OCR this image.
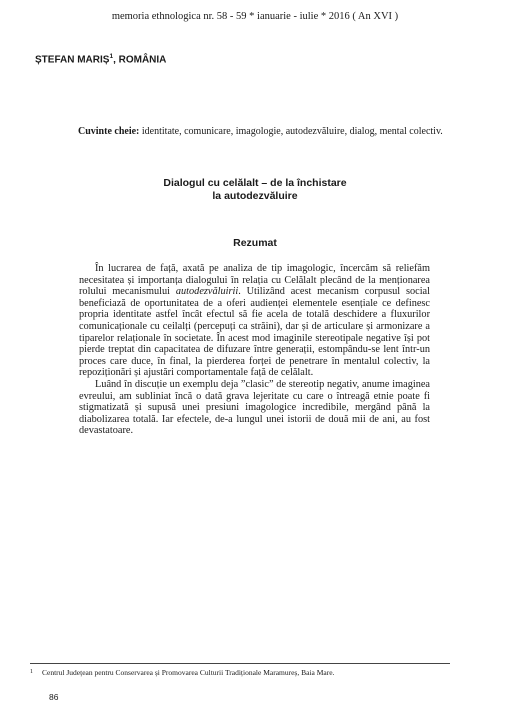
memoria ethnologica nr. 58 - 59 * ianuarie - iulie * 2016 ( An XVI )
ȘTEFAN MARIȘ$^1$, ROMÂNIA
Cuvinte cheie: identitate, comunicare, imagologie, autodezvăluire, dialog, mental colectiv.
Dialogul cu celălalt – de la închistare
la autodezvăluire
Rezumat

În lucrarea de față, axată pe analiza de tip imagologic, încercăm să reliefăm necesitatea și importanța dialogului în relația cu Celălalt plecând de la menționarea rolului mecanismului autodezvăluirii. Utilizând acest mecanism corpusul social beneficiază de oportunitatea de a oferi audienței elementele esențiale ce definesc propria identitate astfel încât efectul să fie acela de totală deschidere a fluxurilor comunicaționale cu ceilalți (percepuți ca străini), dar și de articulare și armonizare a tiparelor relaționale în societate. În acest mod imaginile stereotipale negative își pot pierde treptat din capacitatea de difuzare între generații, estompându-se lent într-un proces care duce, în final, la pierderea forței de penetrare în mentalul colectiv, la repoziționări și ajustări comportamentale față de celălalt.

Luând în discuție un exemplu deja ”clasic” de stereotip negativ, anume imaginea evreului, am subliniat încă o dată grava lejeritate cu care o întreagă etnie poate fi stigmatizată și supusă unei presiuni imagologice incredibile, mergând până la diabolizarea totală. Iar efectele, de-a lungul unei istorii de două mii de ani, au fost devastatoare.

$^1$ Centrul Județean pentru Conservarea și Promovarea Culturii Tradiționale Maramureș, Baia Mare.
86
